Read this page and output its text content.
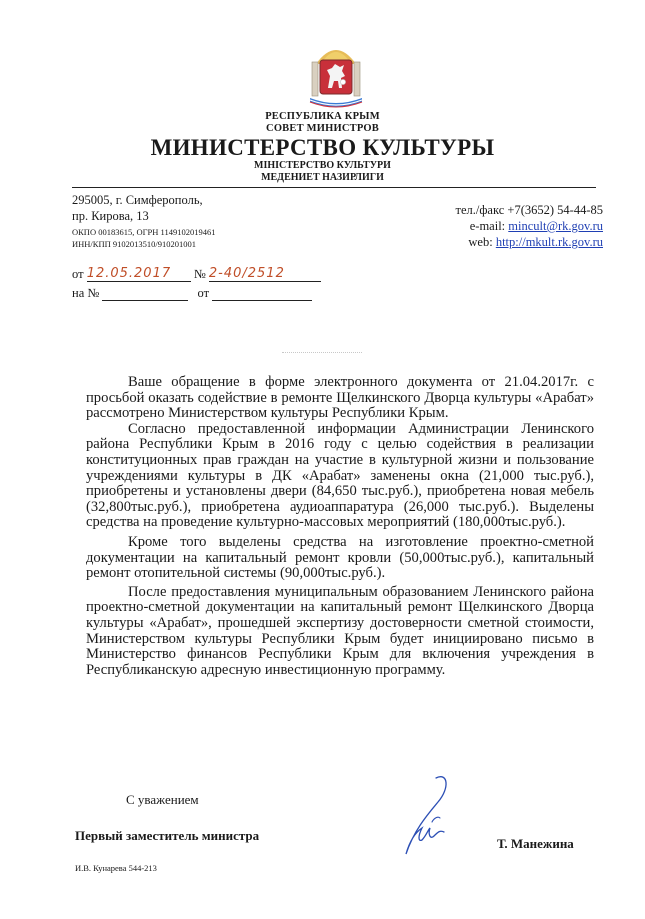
РЕСПУБЛИКА КРЫМ
СОВЕТ МИНИСТРОВ
МИНИСТЕРСТВО КУЛЬТУРЫ
МІНІСТЕРСТВО КУЛЬТУРИ
МЕДЕНИЕТ НАЗИРЛИГИ
295005, г. Симферополь,
пр. Кирова, 13
ОКПО 00183615, ОГРН 1149102019461
ИНН/КПП 9102013510/910201001
тел./факс +7(3652) 54-44-85
e-mail: mincult@rk.gov.ru
web: http://mkult.rk.gov.ru
от 12.05.2017 № 2-40/2512
на №	от

Ваше обращение в форме электронного документа от 21.04.2017г. с просьбой оказать содействие в ремонте Щелкинского Дворца культуры «Арабат» рассмотрено Министерством культуры Республики Крым.

Согласно предоставленной информации Администрации Ленинского района Республики Крым в 2016 году с целью содействия в реализации конституционных прав граждан на участие в культурной жизни и пользование учреждениями культуры в ДК «Арабат» заменены окна (21,000 тыс.руб.), приобретены и установлены двери (84,650 тыс.руб.), приобретена новая мебель (32,800тыс.руб.), приобретена аудиоаппаратура (26,000 тыс.руб.). Выделены средства на проведение культурно-массовых мероприятий (180,000тыс.руб.).

Кроме того выделены средства на изготовление проектно-сметной документации на капитальный ремонт кровли (50,000тыс.руб.), капитальный ремонт отопительной системы (90,000тыс.руб.).

После предоставления муниципальным образованием Ленинского района проектно-сметной документации на капитальный ремонт Щелкинского Дворца культуры «Арабат», прошедшей экспертизу достоверности сметной стоимости, Министерством культуры Республики Крым будет инициировано письмо в Министерство финансов Республики Крым для включения учреждения в Республиканскую адресную инвестиционную программу.

С уважением
Первый заместитель министра
Т. Манежина
И.В. Кунарева 544-213
